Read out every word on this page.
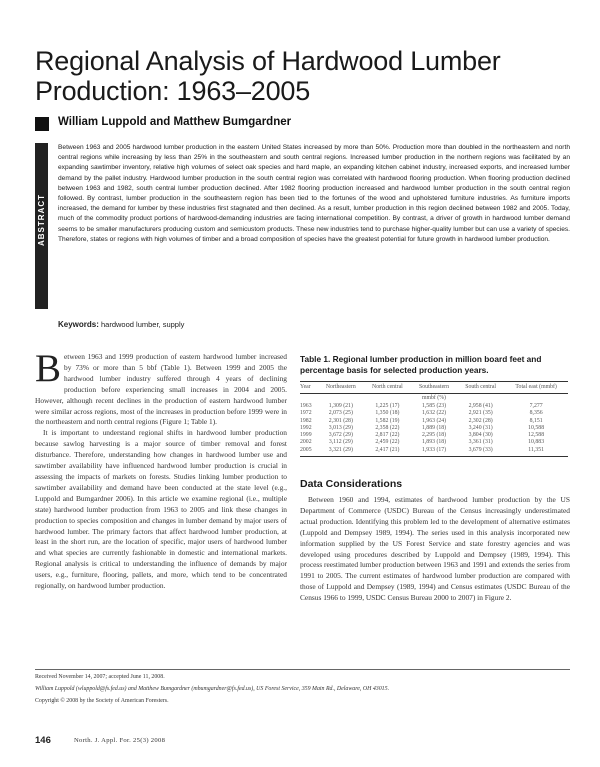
Regional Analysis of Hardwood Lumber Production: 1963–2005
William Luppold and Matthew Bumgardner
ABSTRACT
Between 1963 and 2005 hardwood lumber production in the eastern United States increased by more than 50%. Production more than doubled in the northeastern and north central regions while increasing by less than 25% in the southeastern and south central regions. Increased lumber production in the northern regions was facilitated by an expanding sawtimber inventory, relative high volumes of select oak species and hard maple, an expanding kitchen cabinet industry, increased exports, and increased lumber demand by the pallet industry. Hardwood lumber production in the south central region was correlated with hardwood flooring production. When flooring production declined between 1963 and 1982, south central lumber production declined. After 1982 flooring production increased and hardwood lumber production in the south central region followed. By contrast, lumber production in the southeastern region has been tied to the fortunes of the wood and upholstered furniture industries. As furniture imports increased, the demand for lumber by these industries first stagnated and then declined. As a result, lumber production in this region declined between 1982 and 2005. Today, much of the commodity product portions of hardwood-demanding industries are facing international competition. By contrast, a driver of growth in hardwood lumber demand seems to be smaller manufacturers producing custom and semicustom products. These new industries tend to purchase higher-quality lumber but can use a variety of species. Therefore, states or regions with high volumes of timber and a broad composition of species have the greatest potential for future growth in hardwood lumber production.
Keywords: hardwood lumber, supply

Between 1963 and 1999 production of eastern hardwood lumber increased by 73% or more than 5 bbf (Table 1). Between 1999 and 2005 the hardwood lumber industry suffered through 4 years of declining production before experiencing small increases in 2004 and 2005. However, although recent declines in the production of eastern hardwood lumber were similar across regions, most of the increases in production before 1999 were in the northeastern and north central regions (Figure 1; Table 1).

It is important to understand regional shifts in hardwood lumber production because sawlog harvesting is a major source of timber removal and forest disturbance. Therefore, understanding how changes in hardwood lumber use and sawtimber availability have influenced hardwood lumber production is crucial in assessing the impacts of markets on forests. Studies linking lumber production to sawtimber availability and demand have been conducted at the state level (e.g., Luppold and Bumgardner 2006). In this article we examine regional (i.e., multiple state) hardwood lumber production from 1963 to 2005 and link these changes in production to species composition and changes in lumber demand by major users of hardwood lumber. The primary factors that affect hardwood lumber production, at least in the short run, are the location of specific, major users of hardwood lumber and what species are currently fashionable in domestic and international markets. Regional analysis is critical to understanding the influence of demands by major users, e.g., furniture, flooring, pallets, and more, which tend to be concentrated regionally, on hardwood lumber production.

Table 1. Regional lumber production in million board feet and percentage basis for selected production years.
Year	Northeastern	North central	Southeastern	South central	Total east (mmbf)
mmbf (%)					
1963	1,309 (21)	1,225 (17)	1,585 (23)	2,958 (41)	7,277
1972	2,073 (25)	1,350 (18)	1,632 (22)	2,921 (35)	8,356
1982	2,301 (28)	1,582 (19)	1,963 (24)	2,302 (28)	8,151
1992	3,013 (29)	2,358 (22)	1,889 (18)	3,240 (31)	10,588
1999	3,672 (29)	2,817 (22)	2,295 (18)	3,804 (30)	12,588
2002	3,112 (29)	2,459 (22)	1,893 (18)	3,361 (31)	10,883
2005	3,321 (29)	2,417 (21)	1,933 (17)	3,679 (33)	11,351
Data Considerations

Between 1960 and 1994, estimates of hardwood lumber production by the US Department of Commerce (USDC) Bureau of the Census increasingly underestimated actual production. Identifying this problem led to the development of alternative estimates (Luppold and Dempsey 1989, 1994). The series used in this analysis incorporated new information supplied by the US Forest Service and state forestry agencies and was developed using procedures described by Luppold and Dempsey (1989, 1994). This process reestimated lumber production between 1963 and 1991 and extends the series from 1991 to 2005. The current estimates of hardwood lumber production are compared with those of Luppold and Dempsey (1989, 1994) and Census estimates (USDC Bureau of the Census 1966 to 1999, USDC Census Bureau 2000 to 2007) in Figure 2.

Received November 14, 2007; accepted June 11, 2008.

William Luppold (wluppold@fs.fed.us) and Matthew Bumgardner (mbumgardner@fs.fed.us), US Forest Service, 359 Main Rd., Delaware, OH 43015.

Copyright © 2008 by the Society of American Foresters.

146	North. J. Appl. For. 25(3) 2008
